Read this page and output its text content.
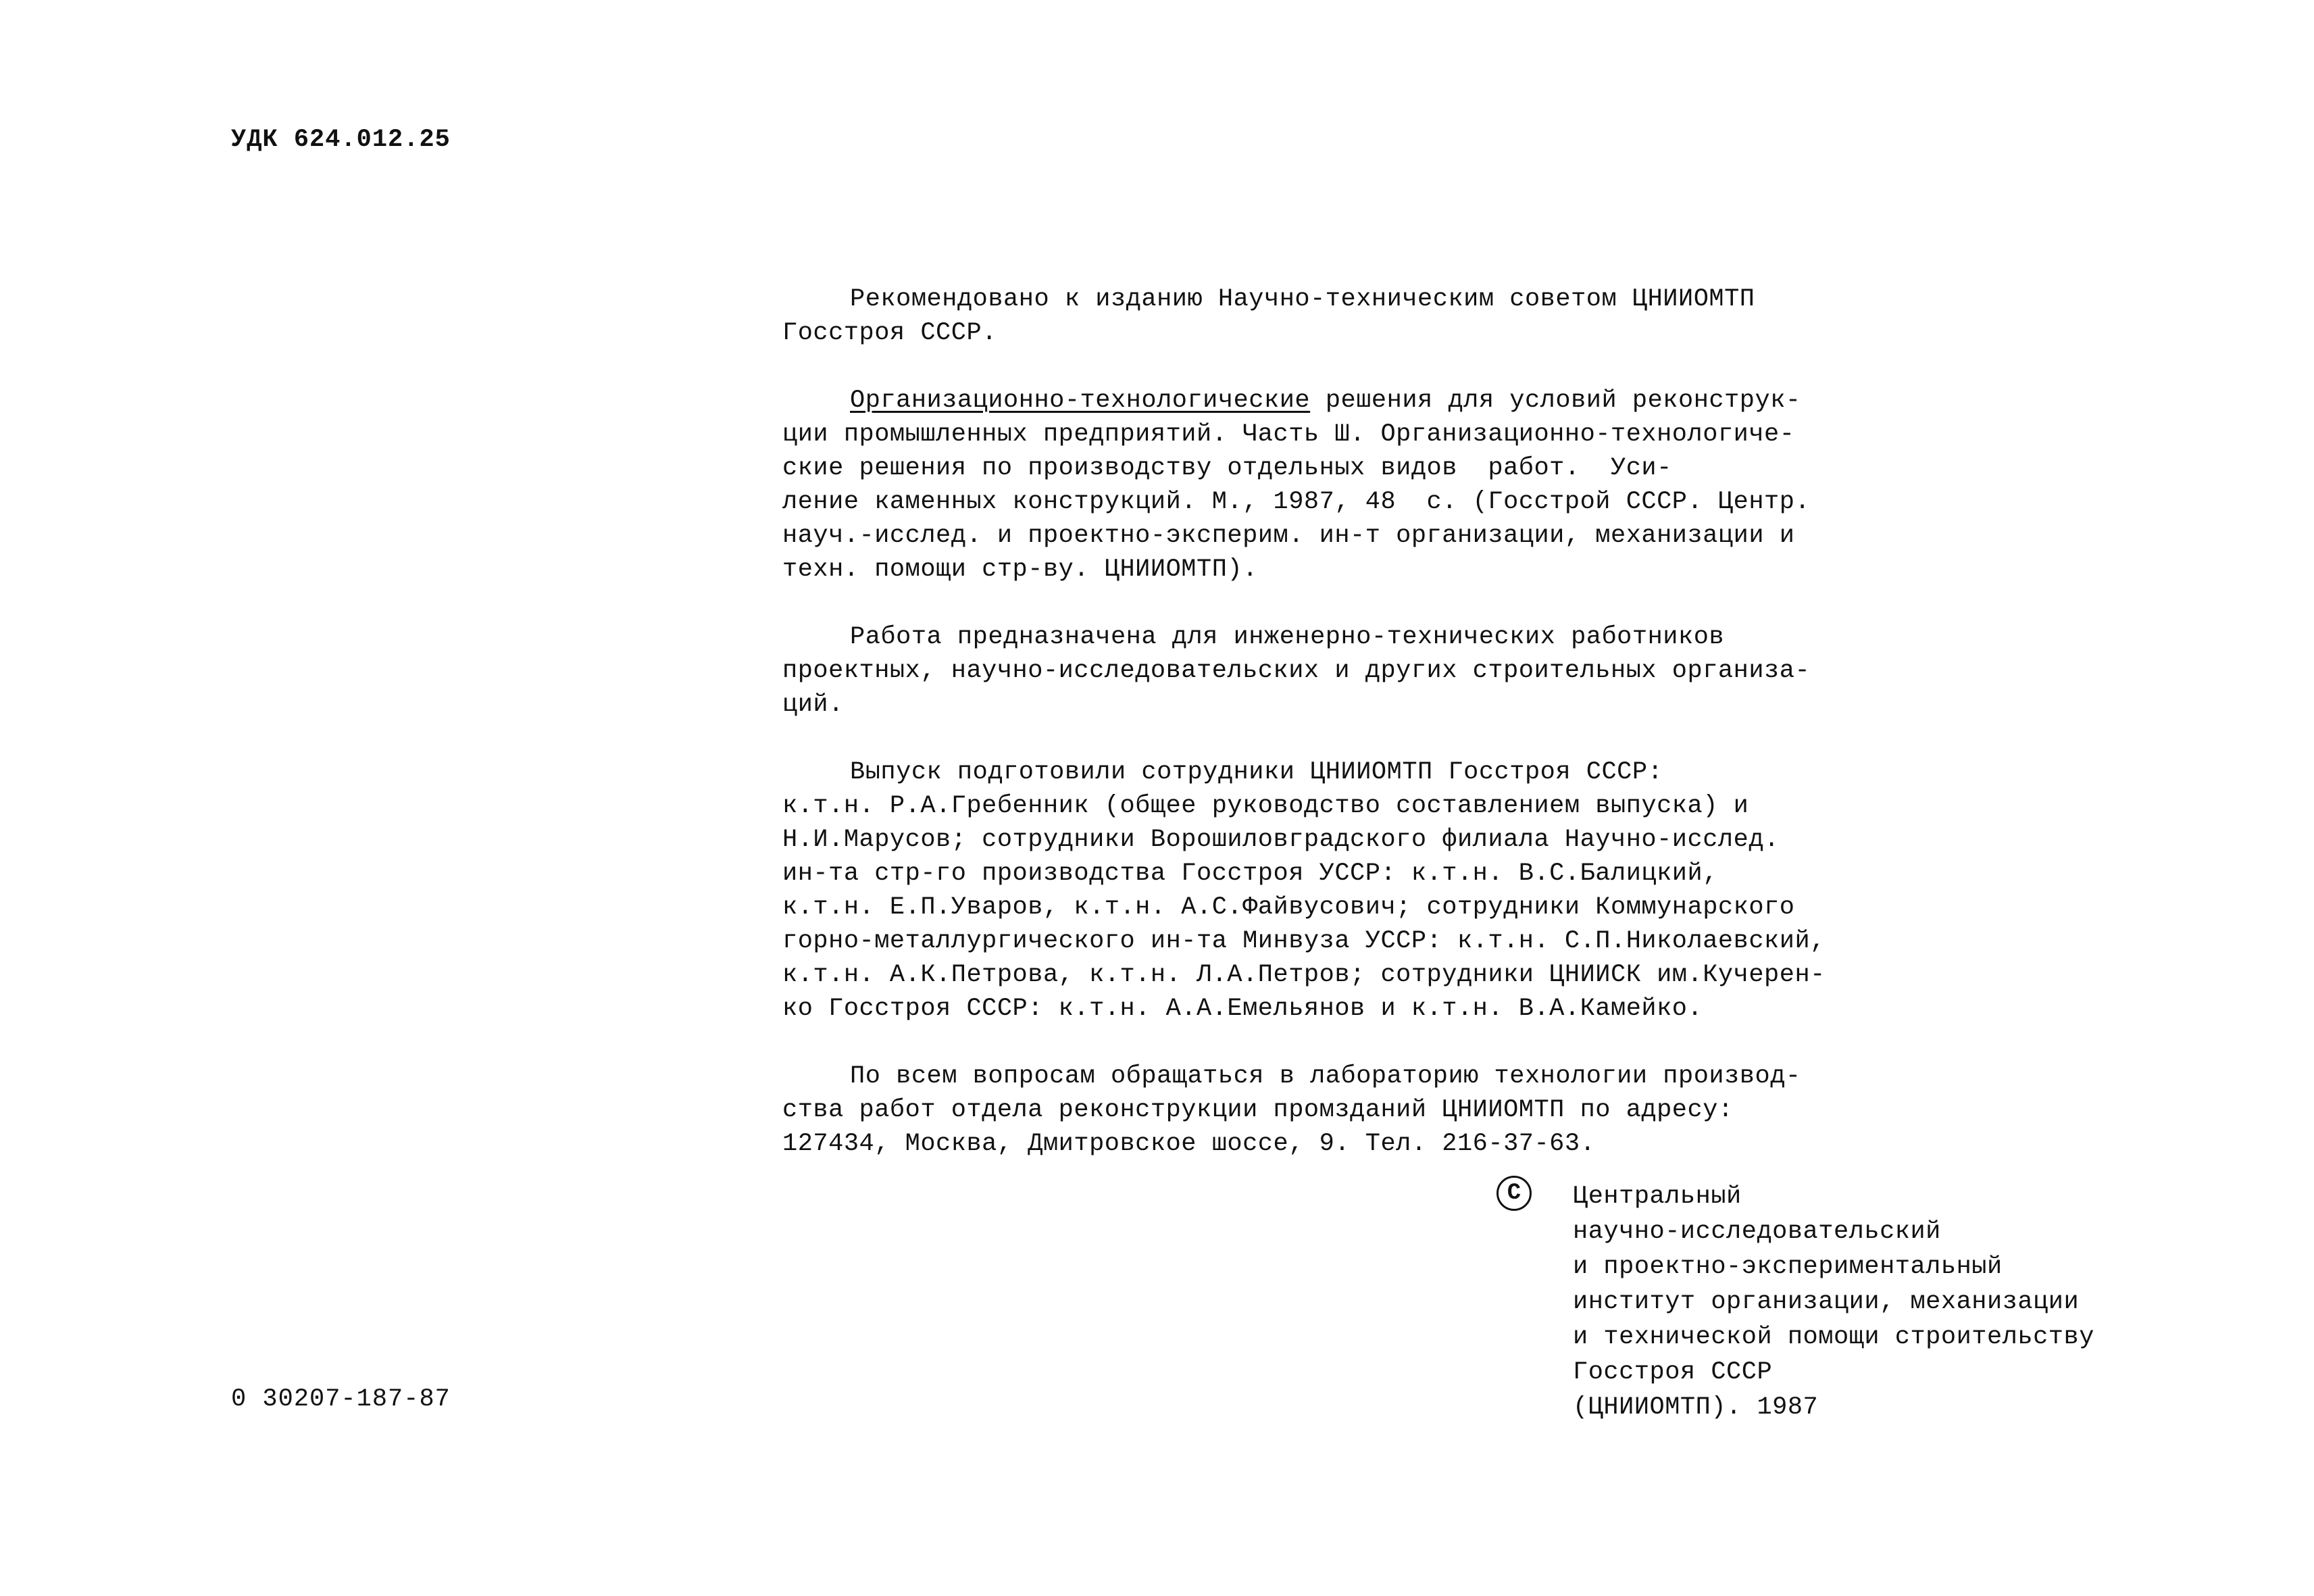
УДК 624.012.25
Рекомендовано к изданию Научно-техническим советом ЦНИИОМТП
Госстроя СССР.
Организационно-технологические решения для условий реконструк-
ции промышленных предприятий. Часть Ш. Организационно-технологиче-
ские решения по производству отдельных видов  работ.  Уси-
ление каменных конструкций. М., 1987, 48  с. (Госстрой СССР. Центр.
науч.-исслед. и проектно-эксперим. ин-т организации, механизации и
техн. помощи стр-ву. ЦНИИОМТП).
Работа предназначена для инженерно-технических работников
проектных, научно-исследовательских и других строительных организа-
ций.
Выпуск подготовили сотрудники ЦНИИОМТП Госстроя СССР:
к.т.н. Р.А.Гребенник (общее руководство составлением выпуска) и
Н.И.Марусов; сотрудники Ворошиловградского филиала Научно-исслед.
ин-та стр-го производства Госстроя УССР: к.т.н. В.С.Балицкий,
к.т.н. Е.П.Уваров, к.т.н. А.С.Файвусович; сотрудники Коммунарского
горно-металлургического ин-та Минвуза УССР: к.т.н. С.П.Николаевский,
к.т.н. А.К.Петрова, к.т.н. Л.А.Петров; сотрудники ЦНИИСК им.Кучерен-
ко Госстроя СССР: к.т.н. А.А.Емельянов и к.т.н. В.А.Камейко.
По всем вопросам обращаться в лабораторию технологии производ-
ства работ отдела реконструкции промзданий ЦНИИОМТП по адресу:
127434, Москва, Дмитровское шоссе, 9. Тел. 216-37-63.
C	Центральный
научно-исследовательский
и проектно-экспериментальный
институт организации, механизации
и технической помощи строительству
Госстроя СССР
(ЦНИИОМТП). 1987
0 30207-187-87
